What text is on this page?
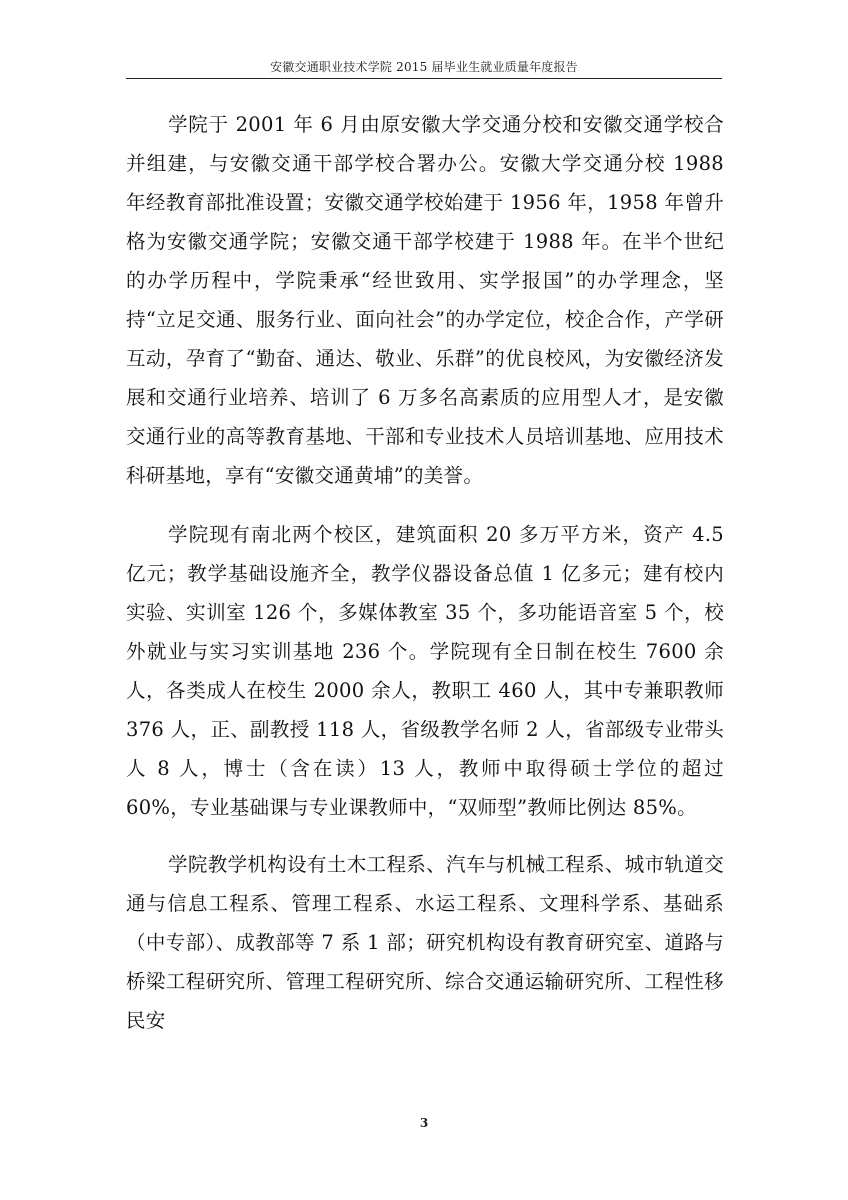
安徽交通职业技术学院 2015 届毕业生就业质量年度报告

学院于 2001 年 6 月由原安徽大学交通分校和安徽交通学校合并组建，与安徽交通干部学校合署办公。安徽大学交通分校 1988 年经教育部批准设置；安徽交通学校始建于 1956 年，1958 年曾升格为安徽交通学院；安徽交通干部学校建于 1988 年。在半个世纪的办学历程中，学院秉承“经世致用、实学报国”的办学理念，坚持“立足交通、服务行业、面向社会”的办学定位，校企合作，产学研互动，孕育了“勤奋、通达、敬业、乐群”的优良校风，为安徽经济发展和交通行业培养、培训了 6 万多名高素质的应用型人才，是安徽交通行业的高等教育基地、干部和专业技术人员培训基地、应用技术科研基地，享有“安徽交通黄埔”的美誉。

学院现有南北两个校区，建筑面积 20 多万平方米，资产 4.5 亿元；教学基础设施齐全，教学仪器设备总值 1 亿多元；建有校内实验、实训室 126 个，多媒体教室 35 个，多功能语音室 5 个，校外就业与实习实训基地 236 个。学院现有全日制在校生 7600 余人，各类成人在校生 2000 余人，教职工 460 人，其中专兼职教师 376 人，正、副教授 118 人，省级教学名师 2 人，省部级专业带头人 8 人，博士（含在读）13 人，教师中取得硕士学位的超过 60%，专业基础课与专业课教师中，“双师型”教师比例达 85%。

学院教学机构设有土木工程系、汽车与机械工程系、城市轨道交通与信息工程系、管理工程系、水运工程系、文理科学系、基础系（中专部）、成教部等 7 系 1 部；研究机构设有教育研究室、道路与桥梁工程研究所、管理工程研究所、综合交通运输研究所、工程性移民安

3
